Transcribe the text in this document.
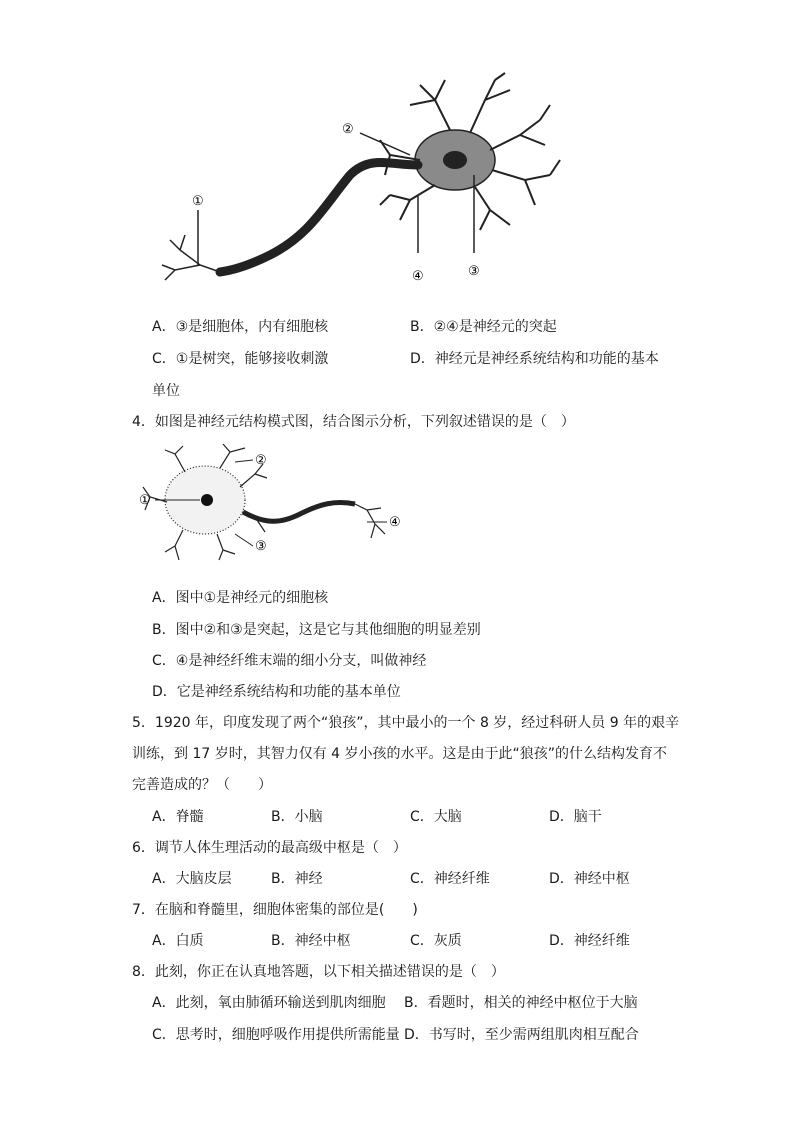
①
②
③
④
A．③是细胞体，内有细胞核	B．②④是神经元的突起
C．①是树突，能够接收刺激	D．神经元是神经系统结构和功能的基本
单位
4．如图是神经元结构模式图，结合图示分析，下列叙述错误的是（　）
①
②
③
④
A．图中①是神经元的细胞核
B．图中②和③是突起，这是它与其他细胞的明显差别
C．④是神经纤维末端的细小分支，叫做神经
D．它是神经系统结构和功能的基本单位
5．1920 年，印度发现了两个“狼孩”，其中最小的一个 8 岁，经过科研人员 9 年的艰辛
训练，到 17 岁时，其智力仅有 4 岁小孩的水平。这是由于此“狼孩”的什么结构发育不
完善造成的？（　　）
A．脊髓	B．小脑	C．大脑	D．脑干
6．调节人体生理活动的最高级中枢是（　）
A．大脑皮层	B．神经	C．神经纤维	D．神经中枢
7．在脑和脊髓里，细胞体密集的部位是(　　)
A．白质	B．神经中枢	C．灰质	D．神经纤维
8．此刻，你正在认真地答题，以下相关描述错误的是（　）
A．此刻，氧由肺循环输送到肌肉细胞 B．看题时，相关的神经中枢位于大脑
C．思考时，细胞呼吸作用提供所需能量 D．书写时，至少需两组肌肉相互配合
